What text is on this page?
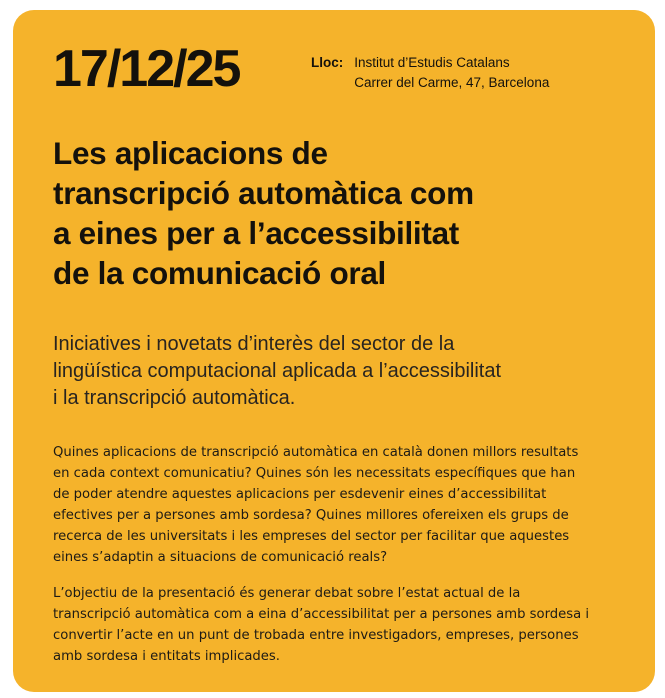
17/12/25	Lloc: Institut d’Estudis Catalans
Carrer del Carme, 47, Barcelona
Les aplicacions de
transcripció automàtica com
a eines per a l’accessibilitat
de la comunicació oral

Iniciatives i novetats d’interès del sector de la
lingüística computacional aplicada a l’accessibilitat
i la transcripció automàtica.

Quines aplicacions de transcripció automàtica en català donen millors resultats en cada context comunicatiu? Quines són les necessitats específiques que han de poder atendre aquestes aplicacions per esdevenir eines d’accessibilitat efectives per a persones amb sordesa? Quines millores ofereixen els grups de recerca de les universitats i les empreses del sector per facilitar que aquestes eines s’adaptin a situacions de comunicació reals?

L’objectiu de la presentació és generar debat sobre l’estat actual de la transcripció automàtica com a eina d’accessibilitat per a persones amb sordesa i convertir l’acte en un punt de trobada entre investigadors, empreses, persones amb sordesa i entitats implicades.
